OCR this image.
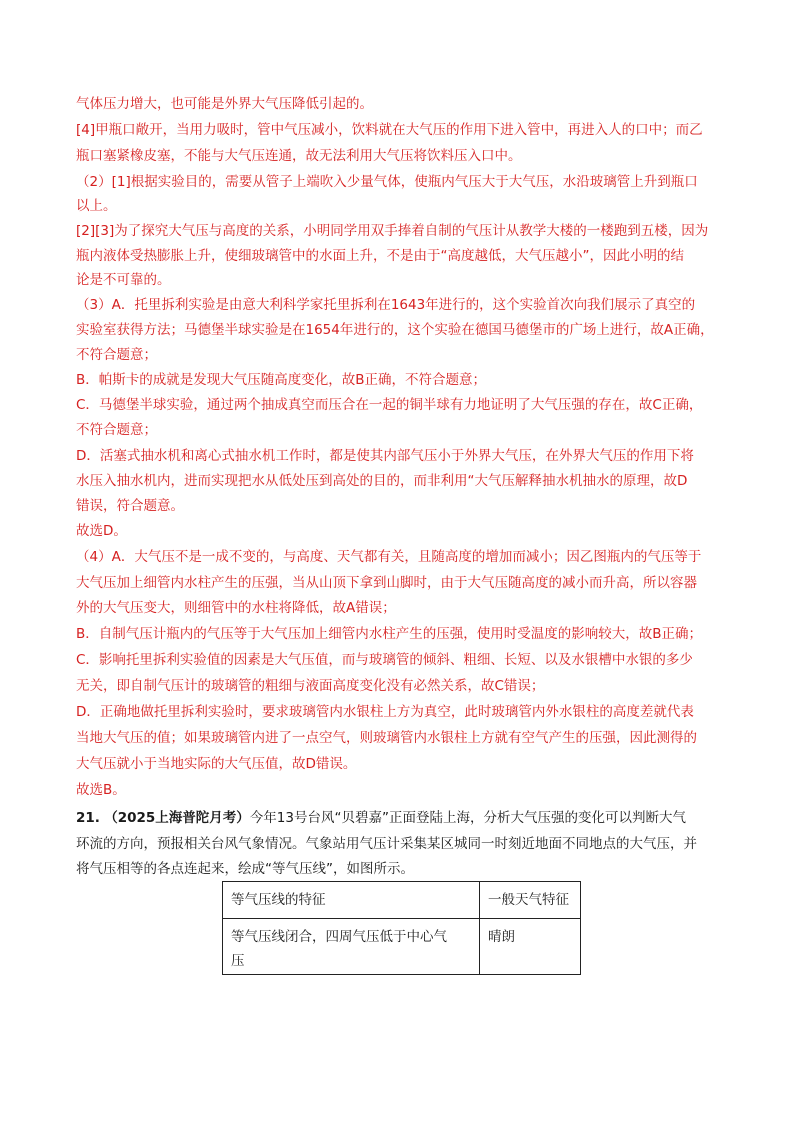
气体压力增大，也可能是外界大气压降低引起的。
[4]甲瓶口敞开，当用力吸时，管中气压减小，饮料就在大气压的作用下进入管中，再进入人的口中；而乙
瓶口塞紧橡皮塞，不能与大气压连通，故无法利用大气压将饮料压入口中。
（2）[1]根据实验目的，需要从管子上端吹入少量气体，使瓶内气压大于大气压，水沿玻璃管上升到瓶口
以上。
[2][3]为了探究大气压与高度的关系，小明同学用双手捧着自制的气压计从教学大楼的一楼跑到五楼，因为
瓶内液体受热膨胀上升，使细玻璃管中的水面上升，不是由于“高度越低，大气压越小”，因此小明的结
论是不可靠的。
（3）A．托里拆利实验是由意大利科学家托里拆利在1643年进行的，这个实验首次向我们展示了真空的
实验室获得方法；马德堡半球实验是在1654年进行的，这个实验在德国马德堡市的广场上进行，故A正确，
不符合题意；
B．帕斯卡的成就是发现大气压随高度变化，故B正确，不符合题意；
C．马德堡半球实验，通过两个抽成真空而压合在一起的铜半球有力地证明了大气压强的存在，故C正确，
不符合题意；
D．活塞式抽水机和离心式抽水机工作时，都是使其内部气压小于外界大气压，在外界大气压的作用下将
水压入抽水机内，进而实现把水从低处压到高处的目的，而非利用“大气压解释抽水机抽水的原理，故D
错误，符合题意。
故选D。
（4）A．大气压不是一成不变的，与高度、天气都有关，且随高度的增加而减小；因乙图瓶内的气压等于
大气压加上细管内水柱产生的压强，当从山顶下拿到山脚时，由于大气压随高度的减小而升高，所以容器
外的大气压变大，则细管中的水柱将降低，故A错误；
B．自制气压计瓶内的气压等于大气压加上细管内水柱产生的压强，使用时受温度的影响较大，故B正确；
C．影响托里拆利实验值的因素是大气压值，而与玻璃管的倾斜、粗细、长短、以及水银槽中水银的多少
无关，即自制气压计的玻璃管的粗细与液面高度变化没有必然关系，故C错误；
D．正确地做托里拆利实验时，要求玻璃管内水银柱上方为真空，此时玻璃管内外水银柱的高度差就代表
当地大气压的值；如果玻璃管内进了一点空气，则玻璃管内水银柱上方就有空气产生的压强，因此测得的
大气压就小于当地实际的大气压值，故D错误。
故选B。
21. （2025上海普陀月考）今年13号台风“贝碧嘉”正面登陆上海，分析大气压强的变化可以判断大气
环流的方向，预报相关台风气象情况。气象站用气压计采集某区城同一时刻近地面不同地点的大气压，并
将气压相等的各点连起来，绘成“等气压线”，如图所示。
等气压线的特征	一般天气特征

等气压线闭合，四周气压低于中心气
压	晴朗
